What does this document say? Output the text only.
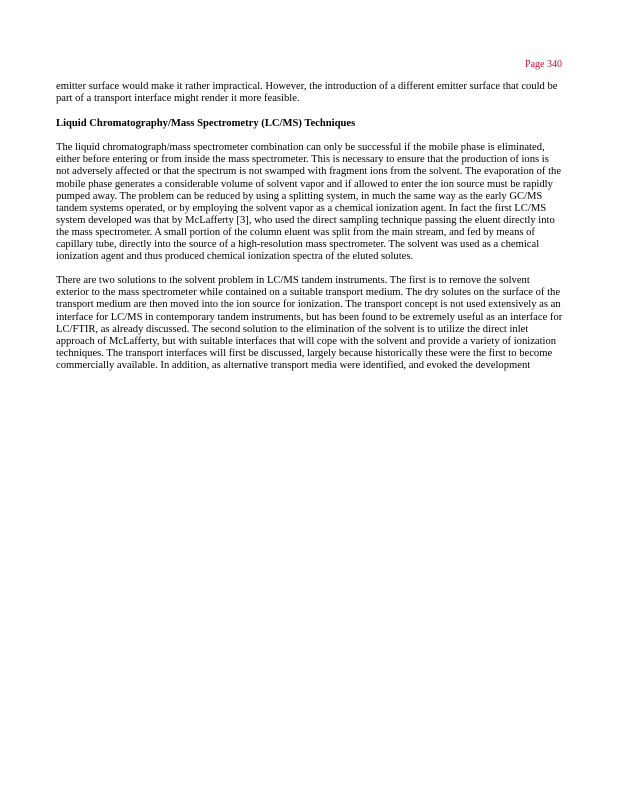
Page 340

emitter surface would make it rather impractical. However, the introduction of a different emitter surface that could be part of a transport interface might render it more feasible.

Liquid Chromatography/Mass Spectrometry (LC/MS) Techniques

The liquid chromatograph/mass spectrometer combination can only be successful if the mobile phase is eliminated, either before entering or from inside the mass spectrometer. This is necessary to ensure that the production of ions is not adversely affected or that the spectrum is not swamped with fragment ions from the solvent. The evaporation of the mobile phase generates a considerable volume of solvent vapor and if allowed to enter the ion source must be rapidly pumped away. The problem can be reduced by using a splitting system, in much the same way as the early GC/MS tandem systems operated, or by employing the solvent vapor as a chemical ionization agent. In fact the first LC/MS system developed was that by McLafferty [3], who used the direct sampling technique passing the eluent directly into the mass spectrometer. A small portion of the column eluent was split from the main stream, and fed by means of capillary tube, directly into the source of a high-resolution mass spectrometer. The solvent was used as a chemical ionization agent and thus produced chemical ionization spectra of the eluted solutes.

There are two solutions to the solvent problem in LC/MS tandem instruments. The first is to remove the solvent exterior to the mass spectrometer while contained on a suitable transport medium. The dry solutes on the surface of the transport medium are then moved into the ion source for ionization. The transport concept is not used extensively as an interface for LC/MS in contemporary tandem instruments, but has been found to be extremely useful as an interface for LC/FTIR, as already discussed. The second solution to the elimination of the solvent is to utilize the direct inlet approach of McLafferty, but with suitable interfaces that will cope with the solvent and provide a variety of ionization techniques. The transport interfaces will first be discussed, largely because historically these were the first to become commercially available. In addition, as alternative transport media were identified, and evoked the development
